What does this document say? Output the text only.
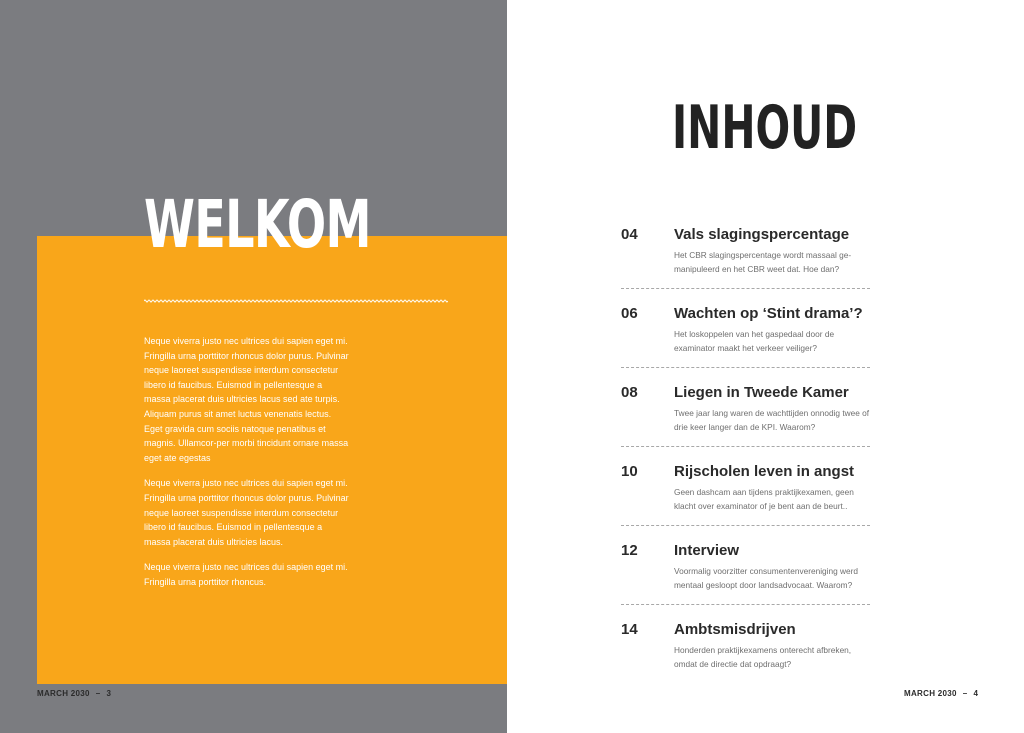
WELKOM

Neque viverra justo nec ultrices dui sapien eget mi. Fringilla urna porttitor rhoncus dolor purus. Pulvinar neque laoreet suspendisse interdum consectetur libero id faucibus. Euismod in pellentesque a massa placerat duis ultricies lacus sed ate turpis. Aliquam purus sit amet luctus venenatis lectus. Eget gravida cum sociis natoque penatibus et magnis. Ullamcor-per morbi tincidunt ornare massa eget ate egestas

Neque viverra justo nec ultrices dui sapien eget mi. Fringilla urna porttitor rhoncus dolor purus. Pulvinar neque laoreet suspendisse interdum consectetur libero id faucibus. Euismod in pellentesque a massa placerat duis ultricies lacus.

Neque viverra justo nec ultrices dui sapien eget mi. Fringilla urna porttitor rhoncus.

MARCH 2030 – 3
INHOUD
04 Vals slagingspercentage
Het CBR slagingspercentage wordt massaal ge-manipuleerd en het CBR weet dat. Hoe dan?
06 Wachten op ‘Stint drama’?
Het loskoppelen van het gaspedaal door de examinator maakt het verkeer veiliger?
08 Liegen in Tweede Kamer
Twee jaar lang waren de wachttijden onnodig twee of drie keer langer dan de KPI. Waarom?
10 Rijscholen leven in angst
Geen dashcam aan tijdens praktijkexamen, geen klacht over examinator of je bent aan de beurt..
12 Interview
Voormalig voorzitter consumentenvereniging werd mentaal gesloopt door landsadvocaat. Waarom?
14 Ambtsmisdrijven
Honderden praktijkexamens onterecht afbreken, omdat de directie dat opdraagt?
MARCH 2030 – 4
